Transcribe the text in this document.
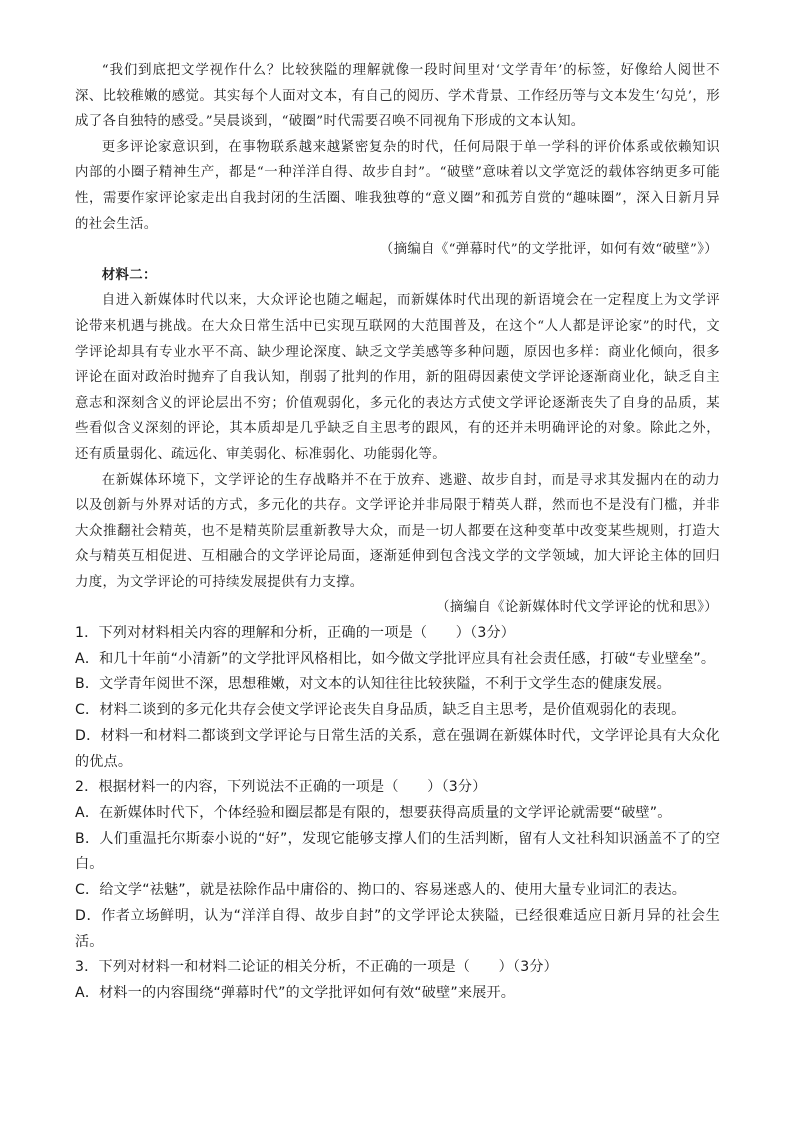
“我们到底把文学视作什么？比较狭隘的理解就像一段时间里对‘文学青年’的标签，好像给人阅世不深、比较稚嫩的感觉。其实每个人面对文本，有自己的阅历、学术背景、工作经历等与文本发生‘勾兑’，形成了各自独特的感受。”吴晨谈到，“破圈”时代需要召唤不同视角下形成的文本认知。

更多评论家意识到，在事物联系越来越紧密复杂的时代，任何局限于单一学科的评价体系或依赖知识内部的小圈子精神生产，都是“一种洋洋自得、故步自封”。“破壁”意味着以文学宽泛的载体容纳更多可能性，需要作家评论家走出自我封闭的生活圈、唯我独尊的“意义圈”和孤芳自赏的“趣味圈”，深入日新月异的社会生活。

（摘编自《“弹幕时代”的文学批评，如何有效“破壁”》）

材料二：

自进入新媒体时代以来，大众评论也随之崛起，而新媒体时代出现的新语境会在一定程度上为文学评论带来机遇与挑战。在大众日常生活中已实现互联网的大范围普及，在这个“人人都是评论家”的时代，文学评论却具有专业水平不高、缺少理论深度、缺乏文学美感等多种问题，原因也多样：商业化倾向，很多评论在面对政治时抛弃了自我认知，削弱了批判的作用，新的阻碍因素使文学评论逐渐商业化，缺乏自主意志和深刻含义的评论层出不穷；价值观弱化，多元化的表达方式使文学评论逐渐丧失了自身的品质，某些看似含义深刻的评论，其本质却是几乎缺乏自主思考的跟风，有的还并未明确评论的对象。除此之外，还有质量弱化、疏远化、审美弱化、标准弱化、功能弱化等。

在新媒体环境下，文学评论的生存战略并不在于放弃、逃避、故步自封，而是寻求其发掘内在的动力以及创新与外界对话的方式，多元化的共存。文学评论并非局限于精英人群，然而也不是没有门槛，并非大众推翻社会精英，也不是精英阶层重新教导大众，而是一切人都要在这种变革中改变某些规则，打造大众与精英互相促进、互相融合的文学评论局面，逐渐延伸到包含浅文学的文学领域，加大评论主体的回归力度，为文学评论的可持续发展提供有力支撑。

（摘编自《论新媒体时代文学评论的忧和思》）

1．下列对材料相关内容的理解和分析，正确的一项是（　　）（3分）

A．和几十年前“小清新”的文学批评风格相比，如今做文学批评应具有社会责任感，打破“专业壁垒”。

B．文学青年阅世不深，思想稚嫩，对文本的认知往往比较狭隘，不利于文学生态的健康发展。

C．材料二谈到的多元化共存会使文学评论丧失自身品质，缺乏自主思考，是价值观弱化的表现。

D．材料一和材料二都谈到文学评论与日常生活的关系，意在强调在新媒体时代，文学评论具有大众化的优点。

2．根据材料一的内容，下列说法不正确的一项是（　　）（3分）

A．在新媒体时代下，个体经验和圈层都是有限的，想要获得高质量的文学评论就需要“破壁”。

B．人们重温托尔斯泰小说的“好”，发现它能够支撑人们的生活判断，留有人文社科知识涵盖不了的空白。

C．给文学“祛魅”，就是祛除作品中庸俗的、拗口的、容易迷惑人的、使用大量专业词汇的表达。

D．作者立场鲜明，认为“洋洋自得、故步自封”的文学评论太狭隘，已经很难适应日新月异的社会生活。

3．下列对材料一和材料二论证的相关分析，不正确的一项是（　　）（3分）

A．材料一的内容围绕“弹幕时代”的文学批评如何有效“破壁”来展开。
